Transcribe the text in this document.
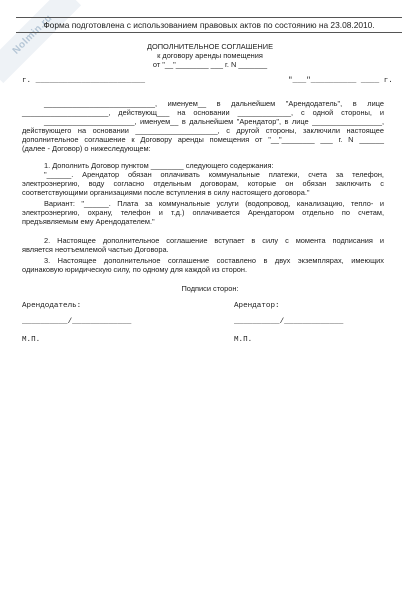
Nolmin.ru
Форма подготовлена с использованием правовых актов по состоянию на 23.08.2010.
ДОПОЛНИТЕЛЬНОЕ СОГЛАШЕНИЕ
к договору аренды помещения
от "__"________ ___ г. N _______
г. ________________________	"___"__________ ____ г.
___________________________, именуем__ в дальнейшем "Арендодатель", в лице
_____________________, действующ___ на основании _____________, с одной стороны, и
______________________, именуем__ в дальнейшем "Арендатор", в лице _________________,
действующего на основании ____________________, с другой стороны, заключили настоящее
дополнительное соглашение к Договору аренды помещения от "__"________ ___ г. N ______
(далее - Договор) о нижеследующем:
1. Дополнить Договор пунктом ________ следующего содержания:
"______. Арендатор обязан оплачивать коммунальные платежи, счета за телефон,
электроэнергию, воду согласно отдельным договорам, которые он обязан заключить с
соответствующими организациями после вступления в силу настоящего договора."
Вариант: "______. Плата за коммунальные услуги (водопровод, канализацию, тепло- и
электроэнергию, охрану, телефон и т.д.) оплачивается Арендатором отдельно по счетам,
предъявляемым ему Арендодателем."
2. Настоящее дополнительное соглашение вступает в силу с момента подписания и
является неотъемлемой частью Договора.
3. Настоящее дополнительное соглашение составлено в двух экземплярах, имеющих
одинаковую юридическую силу, по одному для каждой из сторон.
Подписи сторон:
Арендодатель:	Арендатор:
__________/_____________	__________/_____________
М.П.	М.П.
